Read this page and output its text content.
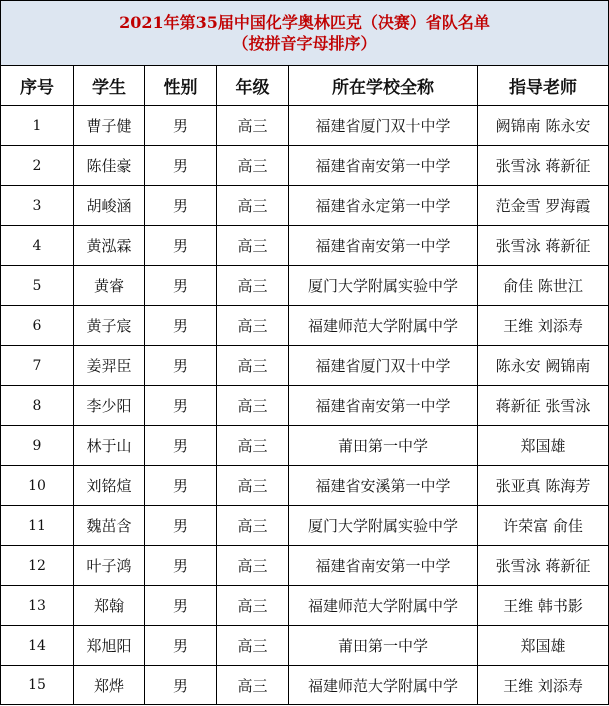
2021年第35届中国化学奥林匹克（决赛）省队名单
（按拼音字母排序）					

序号	学生	性别	年级	所在学校全称	指导老师
1	曹子健	男	高三	福建省厦门双十中学	阙锦南 陈永安
2	陈佳豪	男	高三	福建省南安第一中学	张雪泳 蒋新征
3	胡峻涵	男	高三	福建省永定第一中学	范金雪 罗海霞
4	黄泓霖	男	高三	福建省南安第一中学	张雪泳 蒋新征
5	黄睿	男	高三	厦门大学附属实验中学	俞佳 陈世江
6	黄子宸	男	高三	福建师范大学附属中学	王维 刘添寿
7	姜羿臣	男	高三	福建省厦门双十中学	陈永安 阙锦南
8	李少阳	男	高三	福建省南安第一中学	蒋新征 张雪泳
9	林于山	男	高三	莆田第一中学	郑国雄
10	刘铭煊	男	高三	福建省安溪第一中学	张亚真 陈海芳
11	魏茁含	男	高三	厦门大学附属实验中学	许荣富 俞佳
12	叶子鸿	男	高三	福建省南安第一中学	张雪泳 蒋新征
13	郑翰	男	高三	福建师范大学附属中学	王维 韩书影
14	郑旭阳	男	高三	莆田第一中学	郑国雄
15	郑烨	男	高三	福建师范大学附属中学	王维 刘添寿
